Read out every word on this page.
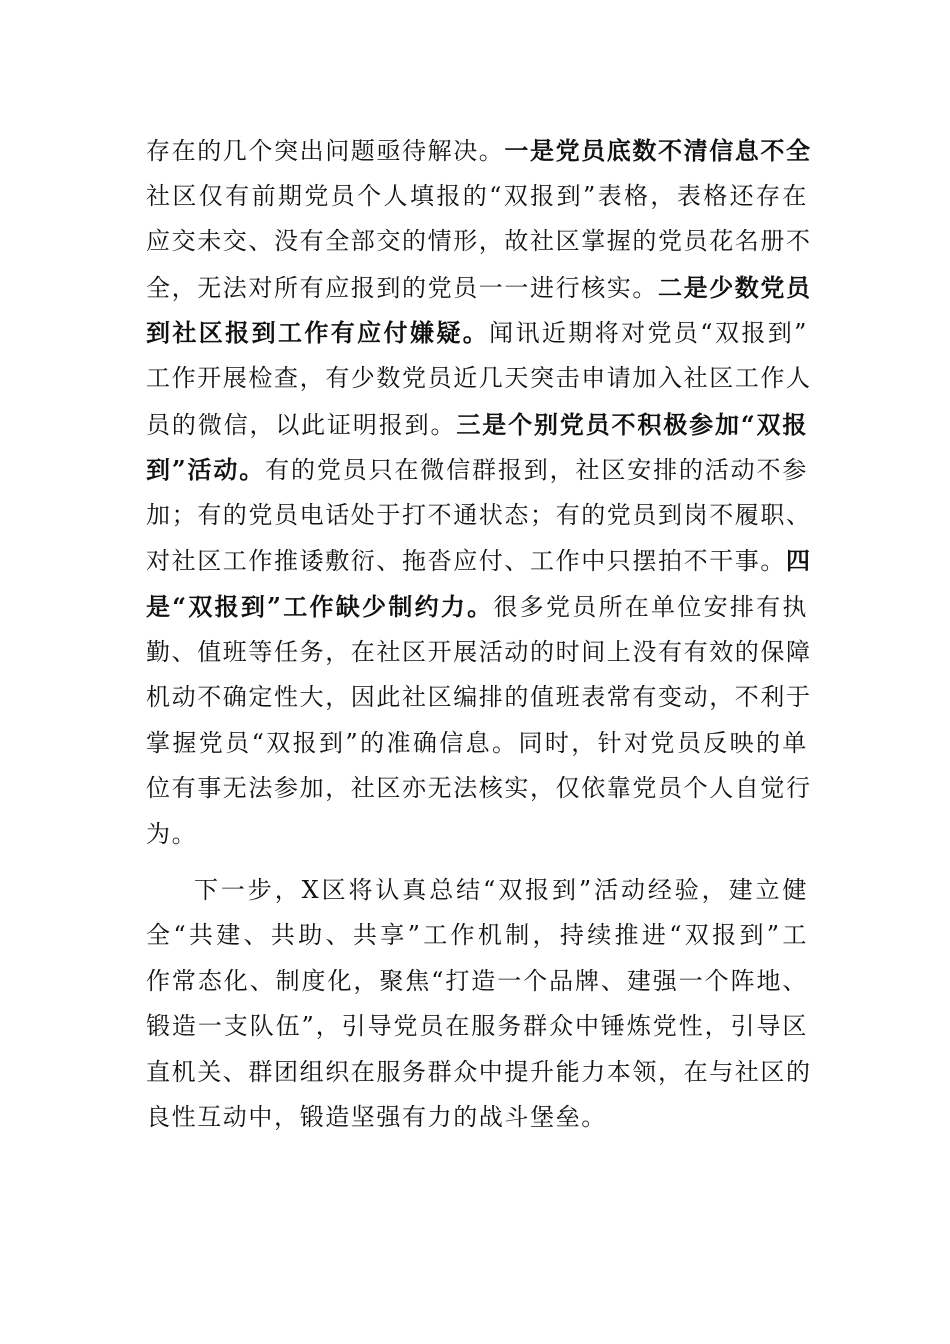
存在的几个突出问题亟待解决。一是党员底数不清信息不全
社区仅有前期党员个人填报的“双报到”表格，表格还存在
应交未交、没有全部交的情形，故社区掌握的党员花名册不
全，无法对所有应报到的党员一一进行核实。二是少数党员
到社区报到工作有应付嫌疑。闻讯近期将对党员“双报到”
工作开展检查，有少数党员近几天突击申请加入社区工作人
员的微信，以此证明报到。三是个别党员不积极参加“双报
到”活动。有的党员只在微信群报到，社区安排的活动不参
加；有的党员电话处于打不通状态；有的党员到岗不履职、
对社区工作推诿敷衍、拖沓应付、工作中只摆拍不干事。四
是“双报到”工作缺少制约力。很多党员所在单位安排有执
勤、值班等任务，在社区开展活动的时间上没有有效的保障
机动不确定性大，因此社区编排的值班表常有变动，不利于
掌握党员“双报到”的准确信息。同时，针对党员反映的单
位有事无法参加，社区亦无法核实，仅依靠党员个人自觉行
为。
下一步，X区将认真总结“双报到”活动经验，建立健
全“共建、共助、共享”工作机制，持续推进“双报到”工
作常态化、制度化，聚焦“打造一个品牌、建强一个阵地、
锻造一支队伍”，引导党员在服务群众中锤炼党性，引导区
直机关、群团组织在服务群众中提升能力本领，在与社区的
良性互动中，锻造坚强有力的战斗堡垒。
